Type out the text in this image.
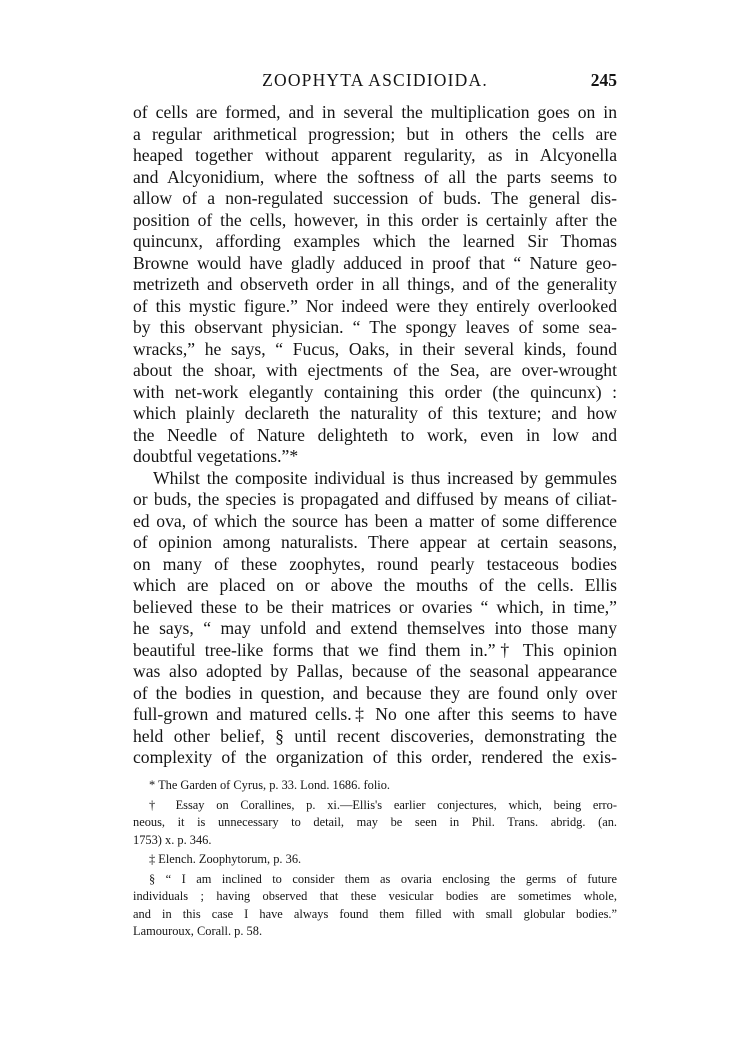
ZOOPHYTA ASCIDIOIDA.	245
of cells are formed, and in several the multiplication goes on in
a regular arithmetical progression; but in others the cells are
heaped together without apparent regularity, as in Alcyonella
and Alcyonidium, where the softness of all the parts seems to
allow of a non-regulated succession of buds. The general dis-
position of the cells, however, in this order is certainly after the
quincunx, affording examples which the learned Sir Thomas
Browne would have gladly adduced in proof that “ Nature geo-
metrizeth and observeth order in all things, and of the generality
of this mystic figure.” Nor indeed were they entirely overlooked
by this observant physician. “ The spongy leaves of some sea-
wracks,” he says, “ Fucus, Oaks, in their several kinds, found
about the shoar, with ejectments of the Sea, are over-wrought
with net-work elegantly containing this order (the quincunx) :
which plainly declareth the naturality of this texture; and how
the Needle of Nature delighteth to work, even in low and
doubtful vegetations.”*
Whilst the composite individual is thus increased by gemmules
or buds, the species is propagated and diffused by means of ciliat-
ed ova, of which the source has been a matter of some difference
of opinion among naturalists. There appear at certain seasons,
on many of these zoophytes, round pearly testaceous bodies
which are placed on or above the mouths of the cells. Ellis
believed these to be their matrices or ovaries “ which, in time,”
he says, “ may unfold and extend themselves into those many
beautiful tree-like forms that we find them in.”† This opinion
was also adopted by Pallas, because of the seasonal appearance
of the bodies in question, and because they are found only over
full-grown and matured cells.‡ No one after this seems to have
held other belief, § until recent discoveries, demonstrating the
complexity of the organization of this order, rendered the exis-
* The Garden of Cyrus, p. 33. Lond. 1686. folio.
† Essay on Corallines, p. xi.—Ellis's earlier conjectures, which, being erro-
neous, it is unnecessary to detail, may be seen in Phil. Trans. abridg. (an.
1753) x. p. 346.
‡ Elench. Zoophytorum, p. 36.
§ “ I am inclined to consider them as ovaria enclosing the germs of future
individuals ; having observed that these vesicular bodies are sometimes whole,
and in this case I have always found them filled with small globular bodies.”
Lamouroux, Corall. p. 58.
